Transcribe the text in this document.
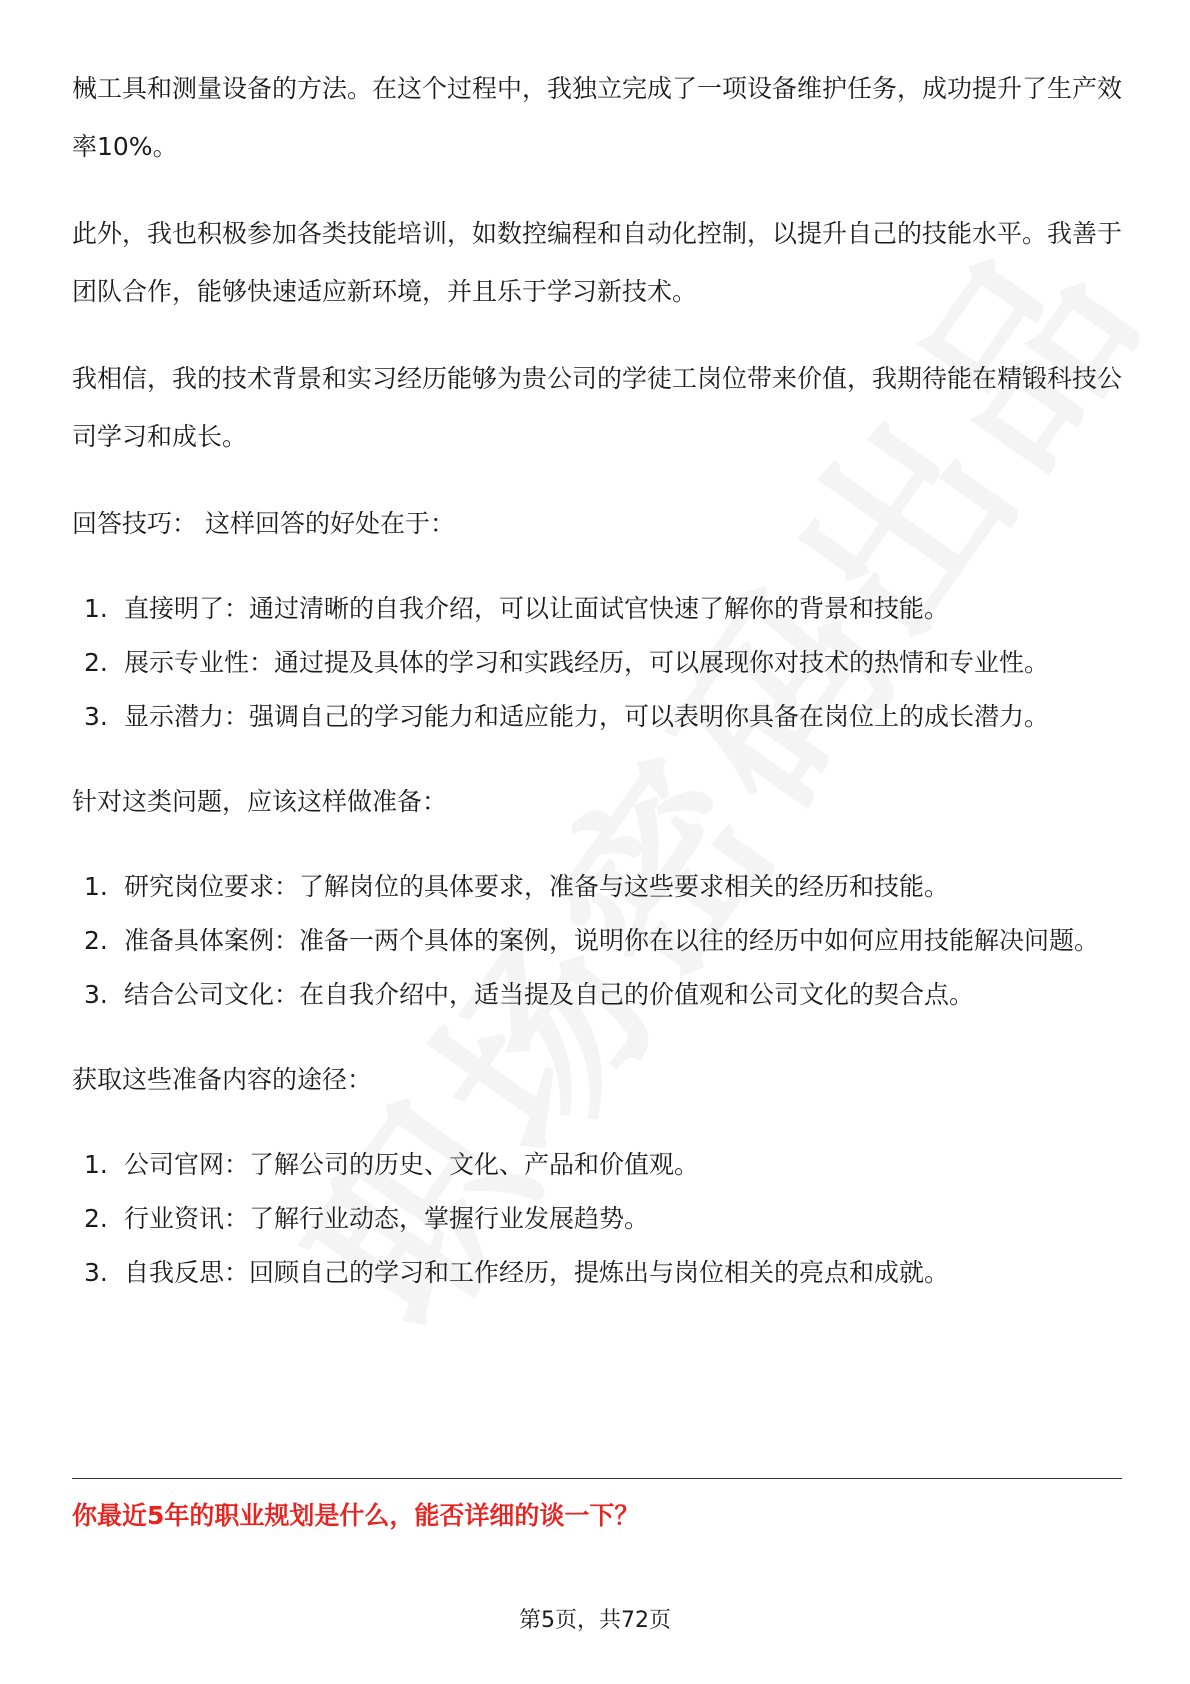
械工具和测量设备的方法。在这个过程中，我独立完成了一项设备维护任务，成功提升了生产效率10%。

此外，我也积极参加各类技能培训，如数控编程和自动化控制，以提升自己的技能水平。我善于团队合作，能够快速适应新环境，并且乐于学习新技术。

我相信，我的技术背景和实习经历能够为贵公司的学徒工岗位带来价值，我期待能在精锻科技公司学习和成长。

回答技巧： 这样回答的好处在于：

1. 直接明了：通过清晰的自我介绍，可以让面试官快速了解你的背景和技能。
2. 展示专业性：通过提及具体的学习和实践经历，可以展现你对技术的热情和专业性。
3. 显示潜力：强调自己的学习能力和适应能力，可以表明你具备在岗位上的成长潜力。

针对这类问题，应该这样做准备：

1. 研究岗位要求：了解岗位的具体要求，准备与这些要求相关的经历和技能。
2. 准备具体案例：准备一两个具体的案例，说明你在以往的经历中如何应用技能解决问题。
3. 结合公司文化：在自我介绍中，适当提及自己的价值观和公司文化的契合点。

获取这些准备内容的途径：

1. 公司官网：了解公司的历史、文化、产品和价值观。
2. 行业资讯：了解行业动态，掌握行业发展趋势。
3. 自我反思：回顾自己的学习和工作经历，提炼出与岗位相关的亮点和成就。
你最近5年的职业规划是什么，能否详细的谈一下？
第5页，共72页
